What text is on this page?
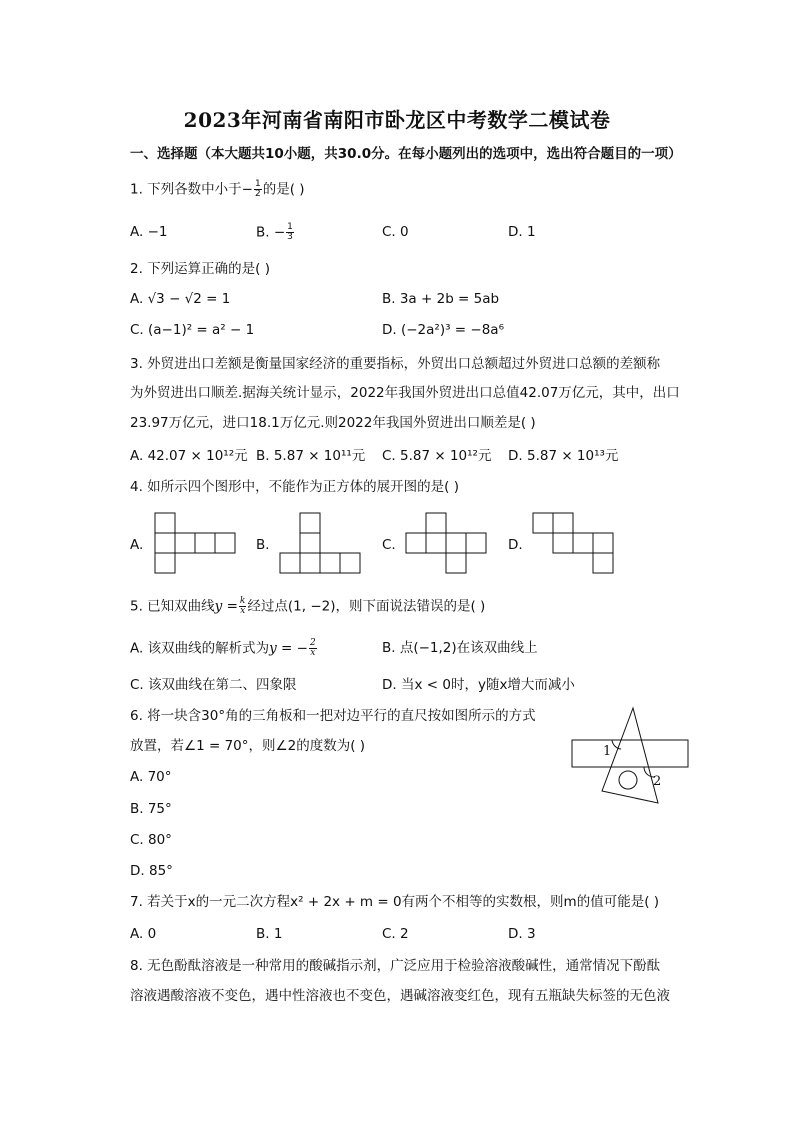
2023年河南省南阳市卧龙区中考数学二模试卷
一、选择题（本大题共10小题，共30.0分。在每小题列出的选项中，选出符合题目的一项）
1. 下列各数中小于− $\frac{1}{2}$ 的是( )
A. −1	B. − $\frac{1}{3}$	C. 0	D. 1
2. 下列运算正确的是( )
A. √3 − √2 = 1	B. 3a + 2b = 5ab
C. (a−1)² = a² − 1	D. (−2a²)³ = −8a⁶
3. 外贸进出口差额是衡量国家经济的重要指标，外贸出口总额超过外贸进口总额的差额称
为外贸进出口顺差.据海关统计显示，2022年我国外贸进出口总值42.07万亿元，其中，出口
23.97万亿元，进口18.1万亿元.则2022年我国外贸进出口顺差是( )
A. 42.07 × 10¹²元 B. 5.87 × 10¹¹元 C. 5.87 × 10¹²元 D. 5.87 × 10¹³元
4. 如所示四个图形中，不能作为正方体的展开图的是( )
A.	B.	C.	D.
5. 已知双曲线$y = \frac{k}{x}$ 经过点(1, −2)，则下面说法错误的是( )
A. 该双曲线的解析式为y = − $\frac{2}{x}$	B. 点(−1,2)在该双曲线上
C. 该双曲线在第二、四象限	D. 当x < 0时，y随x增大而减小
6. 将一块含30°角的三角板和一把对边平行的直尺按如图所示的方式
放置，若∠1 = 70°，则∠2的度数为( )
A. 70°
B. 75°
C. 80°
D. 85°
1
2
7. 若关于x的一元二次方程x² + 2x + m = 0有两个不相等的实数根，则m的值可能是( )
A. 0	B. 1	C. 2	D. 3
8. 无色酚酞溶液是一种常用的酸碱指示剂，广泛应用于检验溶液酸碱性，通常情况下酚酞
溶液遇酸溶液不变色，遇中性溶液也不变色，遇碱溶液变红色，现有五瓶缺失标签的无色液
